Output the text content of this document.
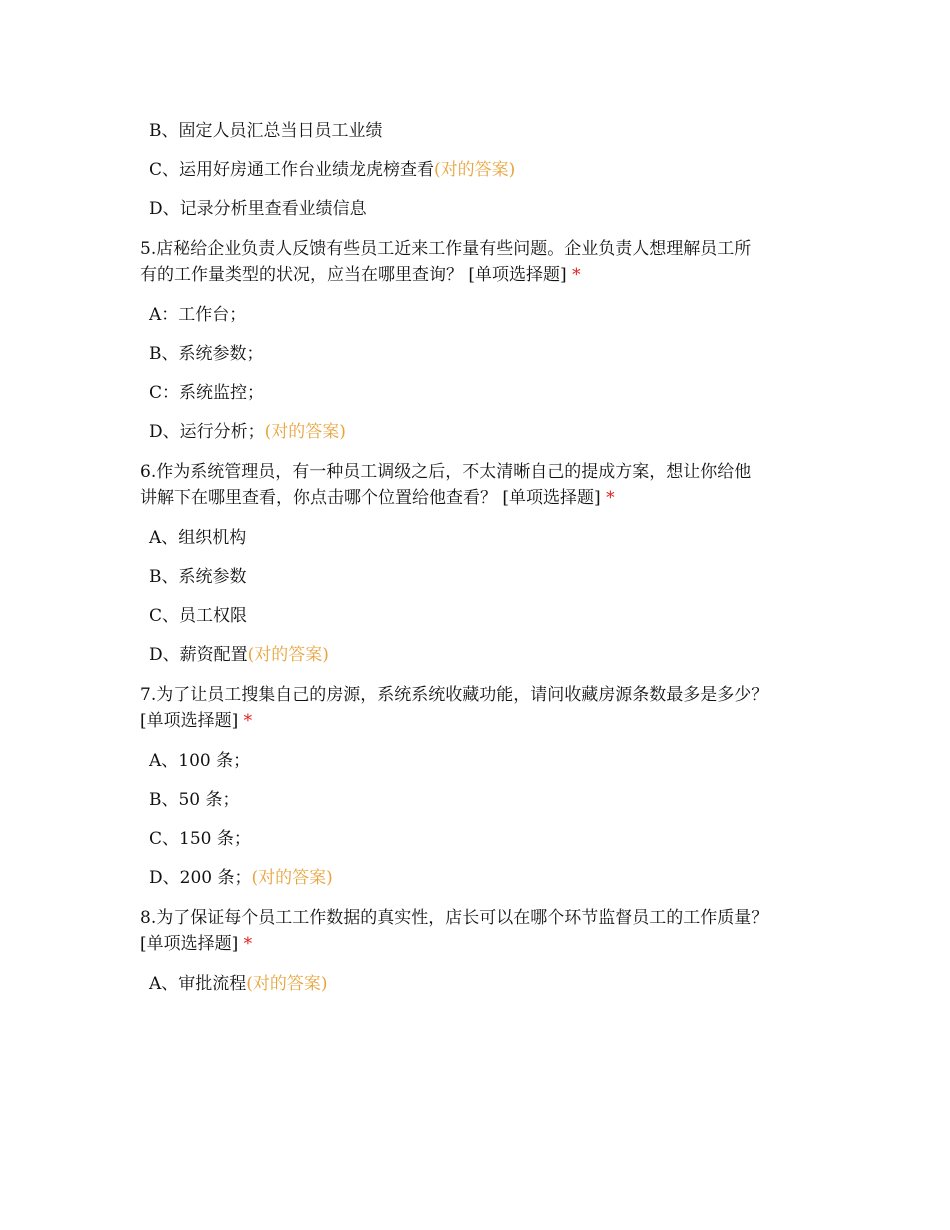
B、固定人员汇总当日员工业绩
C、运用好房通工作台业绩龙虎榜查看(对的答案)
D、记录分析里查看业绩信息
5.店秘给企业负责人反馈有些员工近来工作量有些问题。企业负责人想理解员工所
有的工作量类型的状况，应当在哪里查询？ [单项选择题] *
A：工作台；
B、系统参数；
C：系统监控；
D、运行分析；(对的答案)
6.作为系统管理员，有一种员工调级之后，不太清晰自己的提成方案，想让你给他
讲解下在哪里查看，你点击哪个位置给他查看？ [单项选择题] *
A、组织机构
B、系统参数
C、员工权限
D、薪资配置(对的答案)
7.为了让员工搜集自己的房源，系统系统收藏功能，请问收藏房源条数最多是多少？
[单项选择题] *
A、100 条；
B、50 条；
C、150 条；
D、200 条；(对的答案)
8.为了保证每个员工工作数据的真实性，店长可以在哪个环节监督员工的工作质量？
[单项选择题] *
A、审批流程(对的答案)
